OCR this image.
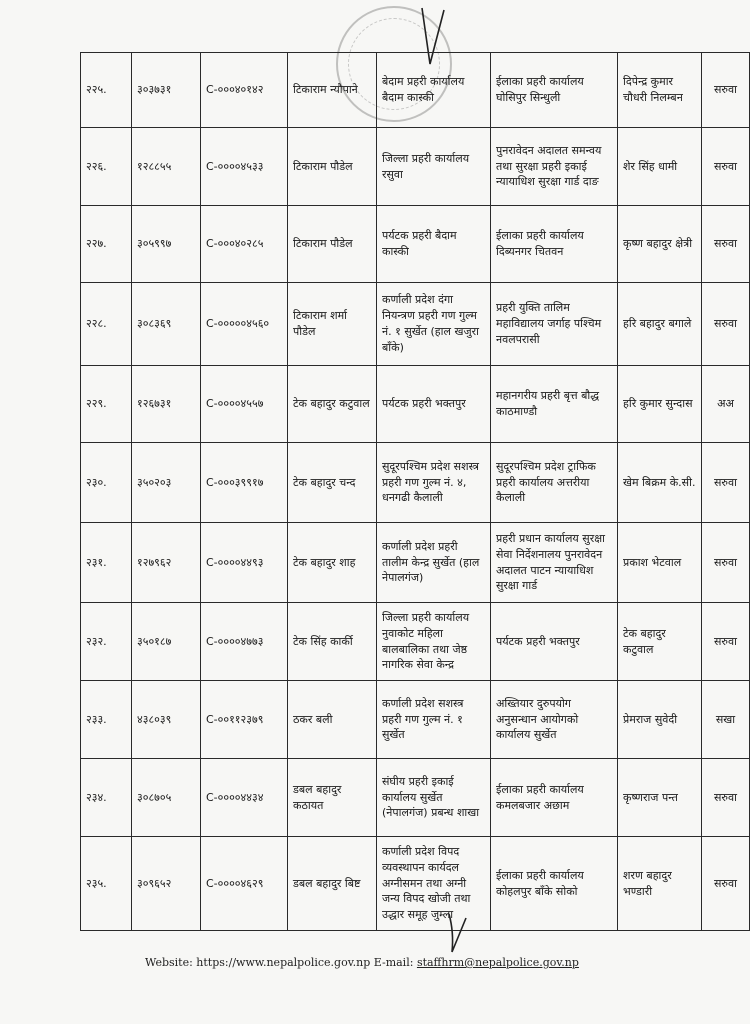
२२५.	३०३७३१	C-०००४०१४२	टिकाराम न्यौपाने	बेदाम प्रहरी कार्यालय बैदाम कास्की	ईलाका प्रहरी कार्यालय घोसिपुर सिन्धुली	दिपेन्द्र कुमार चौधरी निलम्बन	सरुवा
२२६.	१२८८५५	C-००००४५३३	टिकाराम पौडेल	जिल्ला प्रहरी कार्यालय रसुवा	पुनरावेदन अदालत समन्वय तथा सुरक्षा प्रहरी इकाई न्यायाधिश सुरक्षा गार्ड दाङ	शेर सिंह धामी	सरुवा
२२७.	३०५९९७	C-०००४०२८५	टिकाराम पौडेल	पर्यटक प्रहरी बैदाम कास्की	ईलाका प्रहरी कार्यालय दिब्यनगर चितवन	कृष्ण बहादुर क्षेत्री	सरुवा
२२८.	३०८३६९	C-०००००४५६०	टिकाराम शर्मा पौडेल	कर्णाली प्रदेश दंगा नियन्त्रण प्रहरी गण गुल्म नं. १ सुर्खेत (हाल खजुरा बाँके)	प्रहरी युक्ति तालिम महाविद्यालय जर्गाह पश्चिम नवलपरासी	हरि बहादुर बगाले	सरुवा
२२९.	१२६७३१	C-००००४५५७	टेक बहादुर कटुवाल	पर्यटक प्रहरी भक्तपुर	महानगरीय प्रहरी बृत्त बौद्ध काठमाण्डौ	हरि कुमार सुन्दास	अअ
२३०.	३५०२०३	C-०००३९९१७	टेक बहादुर चन्द	सुदूरपश्चिम प्रदेश सशस्त्र प्रहरी गण गुल्म नं. ४, धनगढी कैलाली	सुदूरपश्चिम प्रदेश ट्राफिक प्रहरी कार्यालय अत्तरीया कैलाली	खेम बिक्रम के.सी.	सरुवा
२३१.	१२७९६२	C-००००४४९३	टेक बहादुर शाह	कर्णाली प्रदेश प्रहरी तालीम केन्द्र सुर्खेत (हाल नेपालगंज)	प्रहरी प्रधान कार्यालय सुरक्षा सेवा निर्देशनालय पुनरावेदन अदालत पाटन न्यायाधिश सुरक्षा गार्ड	प्रकाश भेटवाल	सरुवा
२३२.	३५०१८७	C-००००४७७३	टेक सिंह कार्की	जिल्ला प्रहरी कार्यालय नुवाकोट महिला बालबालिका तथा जेष्ठ नागरिक सेवा केन्द्र	पर्यटक प्रहरी भक्तपुर	टेक बहादुर कटुवाल	सरुवा
२३३.	४३८०३९	C-००११२३७९	ठकर बली	कर्णाली प्रदेश सशस्त्र प्रहरी गण गुल्म नं. १ सुर्खेत	अख्तियार दुरुपयोग अनुसन्धान आयोगको कार्यालय सुर्खेत	प्रेमराज सुवेदी	सखा
२३४.	३०८७०५	C-००००४४३४	डबल बहादुर कठायत	संघीय प्रहरी इकाई कार्यालय सुर्खेत (नेपालगंज) प्रबन्ध शाखा	ईलाका प्रहरी कार्यालय कमलबजार अछाम	कृष्णराज पन्त	सरुवा
२३५.	३०९६५२	C-००००४६२९	डबल बहादुर बिष्ट	कर्णाली प्रदेश विपद व्यवस्थापन कार्यदल अग्नीसमन तथा अग्नी जन्य विपद खोजी तथा उद्धार समूह जुम्ला	ईलाका प्रहरी कार्यालय कोहलपुर बाँके सोको	शरण बहादुर भण्डारी	सरुवा
Website: https://www.nepalpolice.gov.np E-mail: staffhrm@nepalpolice.gov.np
